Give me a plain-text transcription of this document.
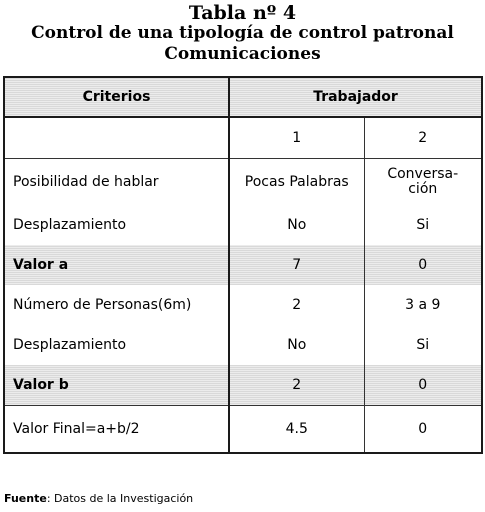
Tabla nº 4
Control de una tipología de control patronal
Comunicaciones
Criterios	Trabajador	
	1	2
Posibilidad de hablar	Pocas Palabras	Conversa-
ción
Desplazamiento	No	Si
Valor a	7	0
Número de Personas(6m)	2	3 a 9
Desplazamiento	No	Si
Valor b	2	0
Valor Final=a+b/2	4.5	0
Fuente: Datos de la Investigación
